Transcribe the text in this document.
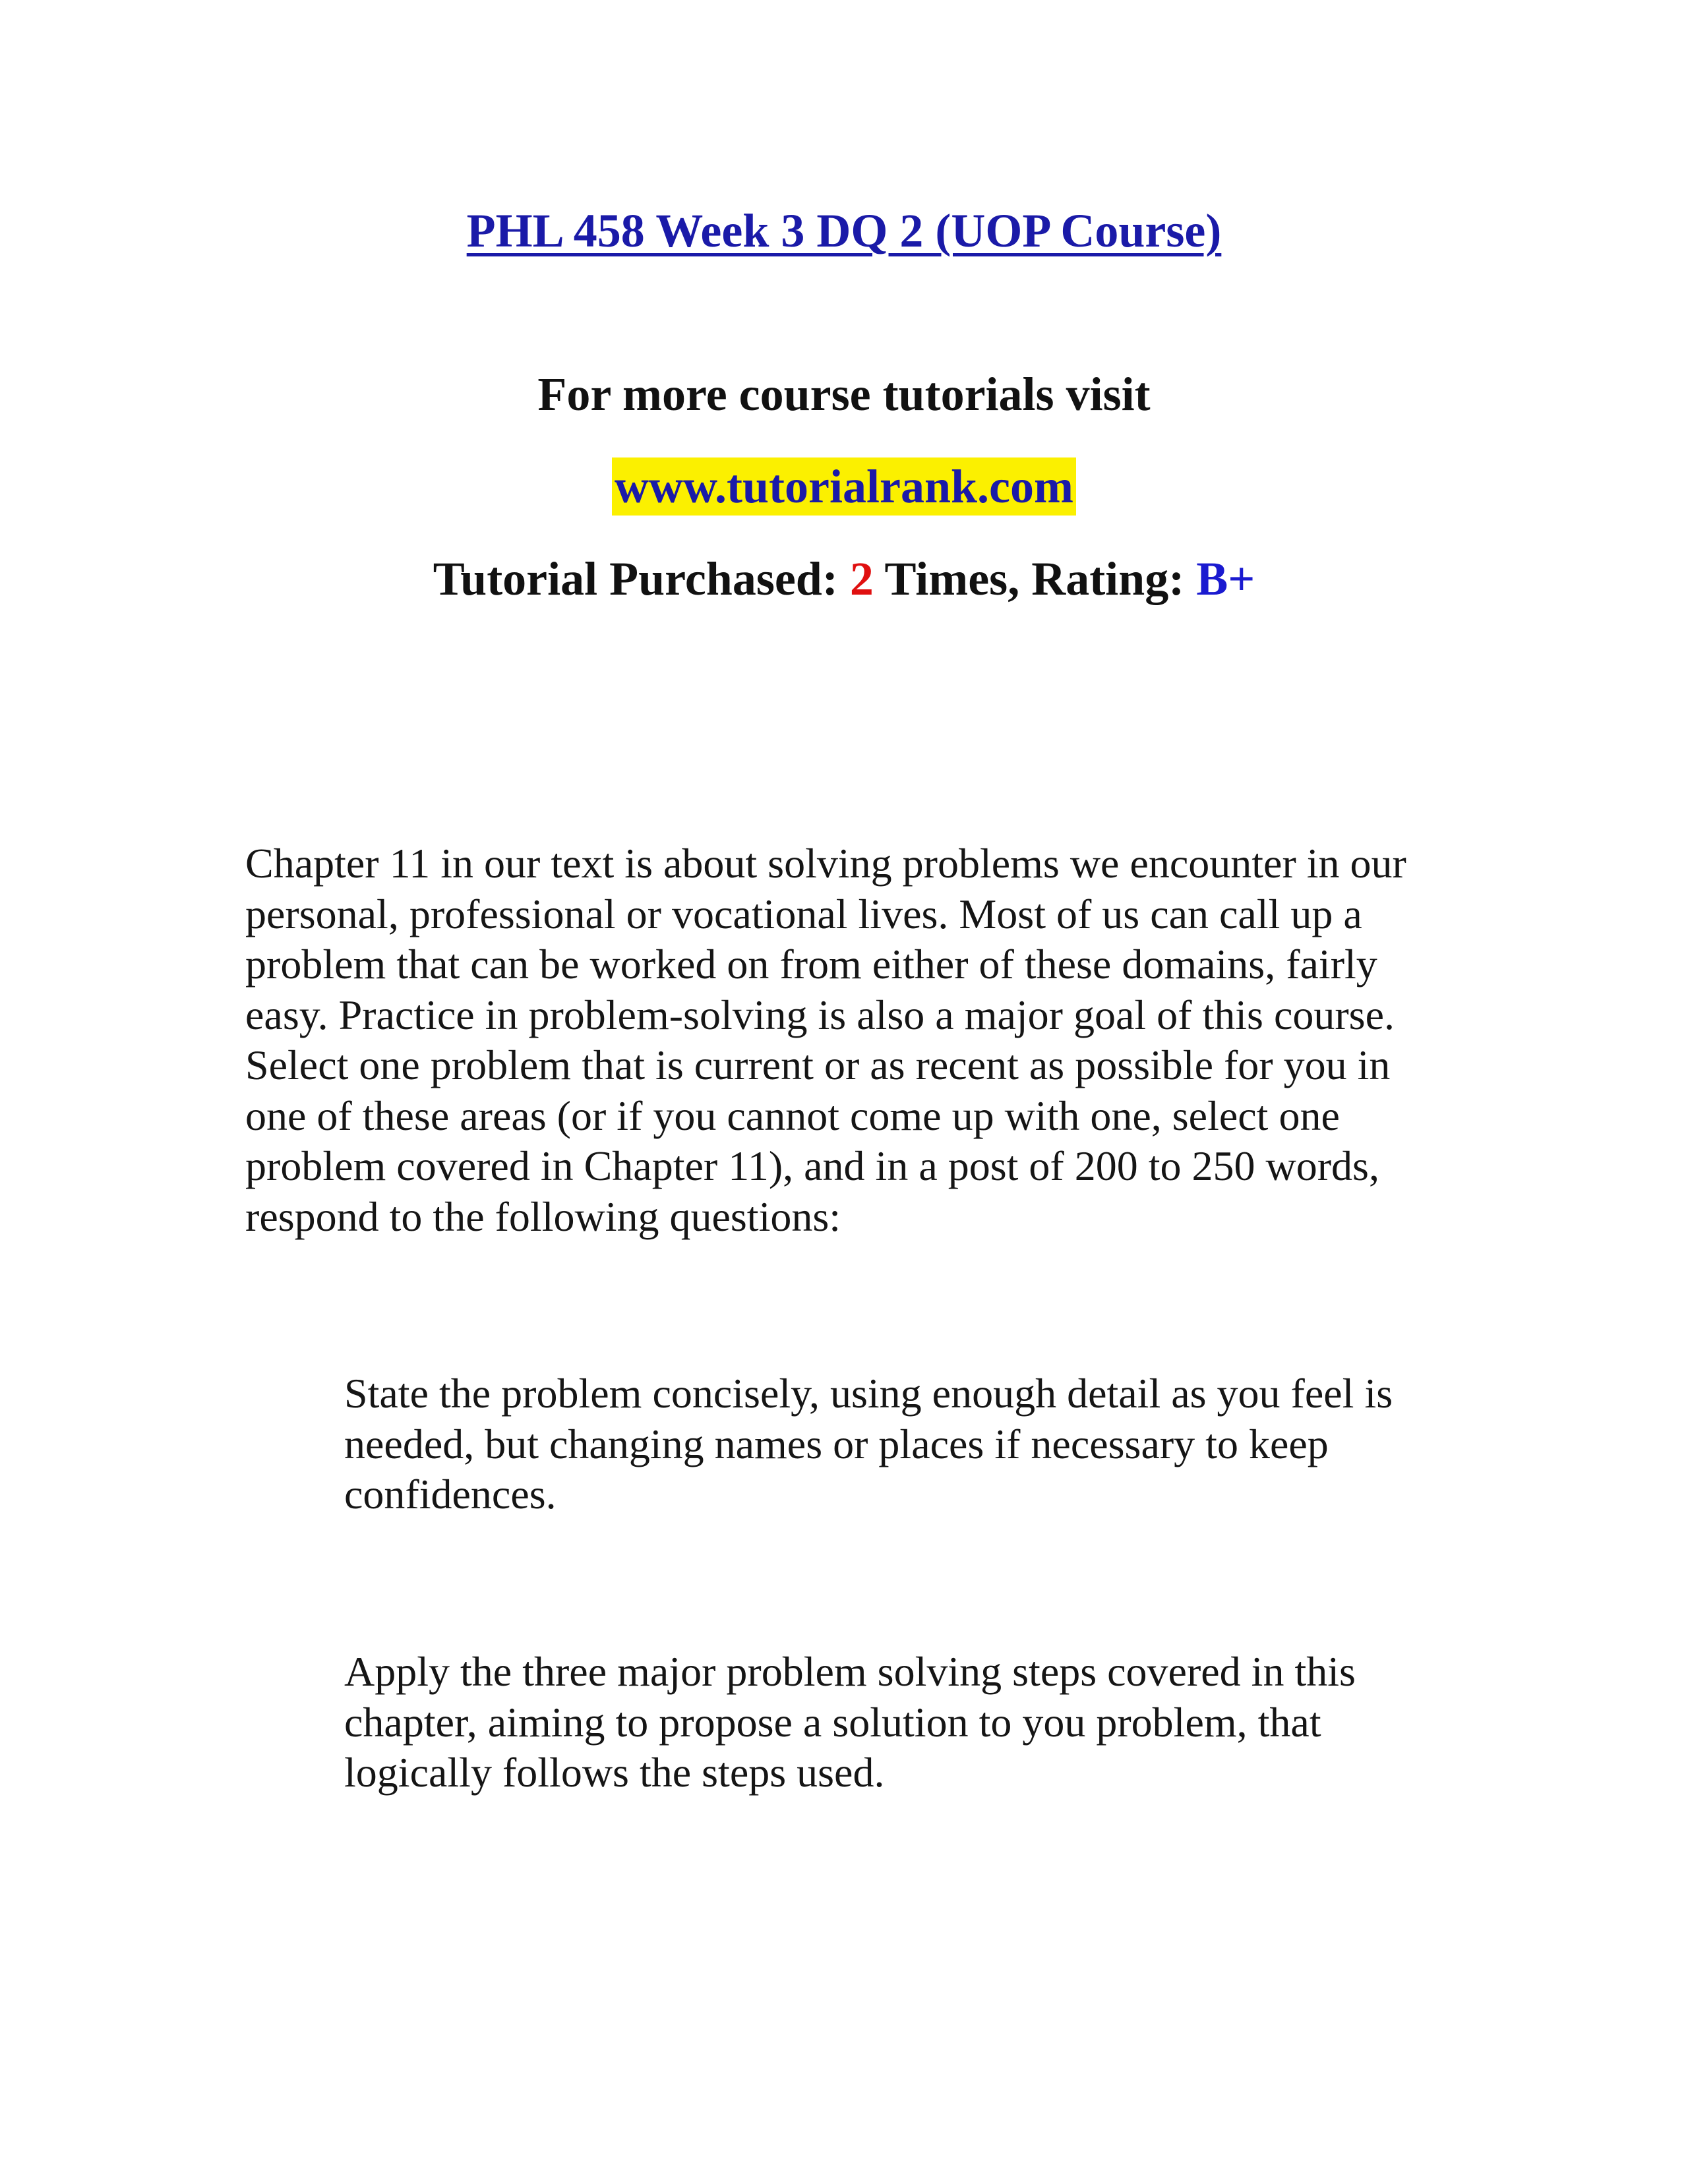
PHL 458 Week 3 DQ 2 (UOP Course)
For more course tutorials visit
www.tutorialrank.com
Tutorial Purchased: 2 Times, Rating: B+

Chapter 11 in our text is about solving problems we encounter in our
personal, professional or vocational lives. Most of us can call up a
problem that can be worked on from either of these domains, fairly
easy. Practice in problem-solving is also a major goal of this course.
Select one problem that is current or as recent as possible for you in
one of these areas (or if you cannot come up with one, select one
problem covered in Chapter 11), and in a post of 200 to 250 words,
respond to the following questions:

State the problem concisely, using enough detail as you feel is
needed, but changing names or places if necessary to keep
confidences.

Apply the three major problem solving steps covered in this
chapter, aiming to propose a solution to you problem, that
logically follows the steps used.
